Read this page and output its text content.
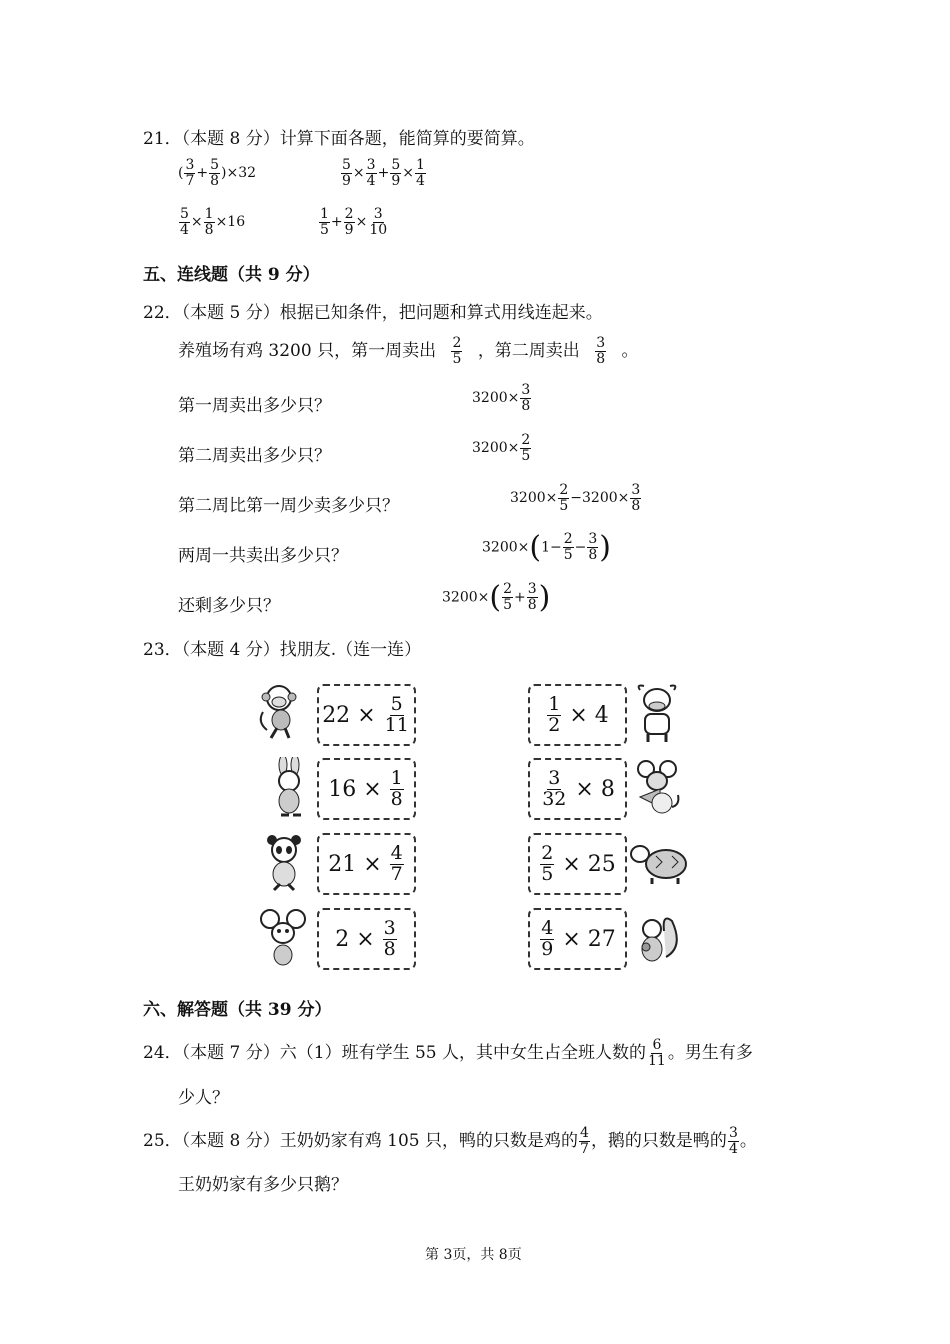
21．（本题 8 分）计算下面各题，能简算的要简算。
( $\frac{3}{7} + \frac{5}{8} )\times 32$	$\frac{5}{9} \times \frac{3}{4} + \frac{5}{9} \times \frac{1}{4}$
$\frac{5}{4} \times \frac{1}{8} \times 16$	$\frac{1}{5} + \frac{2}{9} \times \frac{3}{10}$
五、连线题（共 9 分）
22．（本题 5 分）根据已知条件，把问题和算式用线连起来。
养殖场有鸡 3200 只，第一周卖出 $\frac{2}{5}$ ，第二周卖出 $\frac{3}{8}$ 。
第一周卖出多少只？
第二周卖出多少只？
第二周比第一周少卖多少只？
两周一共卖出多少只？
还剩多少只？
$3200\times \frac{3}{8}$
$3200\times \frac{2}{5}$
$3200\times \frac{2}{5} -3200\times \frac{3}{8}$
$3200\times(1- \frac{2}{5} - \frac{3}{8}$ )
$3200\times( \frac{2}{5} + \frac{3}{8}$ )
23．（本题 4 分）找朋友.（连一连）
22
×
$\frac{5}{11}$
16
×
$\frac{1}{8}$
21
×
$\frac{4}{7}$
2
×
$\frac{3}{8}$
$\frac{1}{2}$
×
4
$\frac{3}{32}$
×
8
$\frac{2}{5}$
×
25
$\frac{4}{9}$
×
27
六、解答题（共 39 分）
24．（本题 7 分）六（1）班有学生 55 人，其中女生占全班人数的 $\frac{6}{11}$ 。男生有多
少人？
25．（本题 8 分）王奶奶家有鸡 105 只，鸭的只数是鸡的 $\frac{4}{7}$ ，鹅的只数是鸭的 $\frac{3}{4}$ 。
王奶奶家有多少只鹅？
第 3页，共 8页
